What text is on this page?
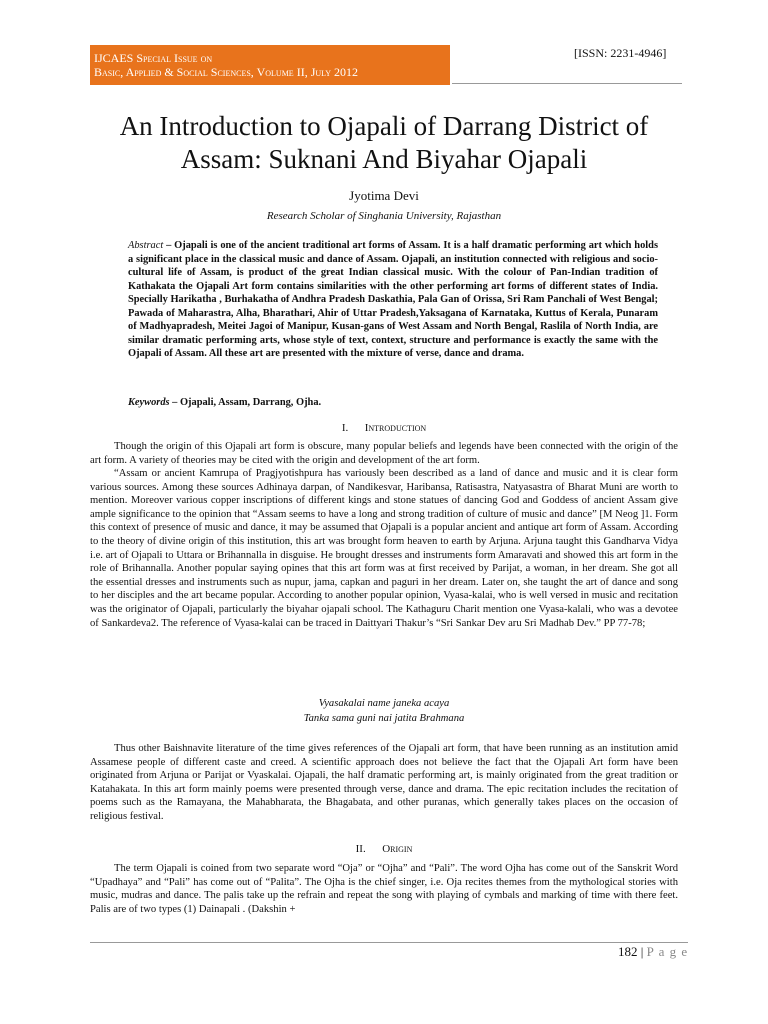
IJCAES Special Issue on
Basic, Applied & Social Sciences, Volume II, July 2012
[ISSN: 2231-4946]
An Introduction to Ojapali of Darrang District of Assam: Suknani And Biyahar Ojapali
Jyotima Devi
Research Scholar of Singhania University, Rajasthan

Abstract – Ojapali is one of the ancient traditional art forms of Assam. It is a half dramatic performing art which holds a significant place in the classical music and dance of Assam. Ojapali, an institution connected with religious and socio-cultural life of Assam, is product of the great Indian classical music. With the colour of Pan-Indian tradition of Kathakata the Ojapali Art form contains similarities with the other performing art forms of different states of India. Specially Harikatha , Burhakatha of Andhra Pradesh Daskathia, Pala Gan of Orissa, Sri Ram Panchali of West Bengal; Pawada of Maharastra, Alha, Bharathari, Ahir of Uttar Pradesh,Yaksagana of Karnataka, Kuttus of Kerala, Punaram of Madhyapradesh, Meitei Jagoi of Manipur, Kusan-gans of West Assam and North Bengal, Raslila of North India, are similar dramatic performing arts, whose style of text, context, structure and performance is exactly the same with the Ojapali of Assam. All these art are presented with the mixture of verse, dance and drama.

Keywords – Ojapali, Assam, Darrang, Ojha.

I.      Introduction

Though the origin of this Ojapali art form is obscure, many popular beliefs and legends have been connected with the origin of the art form. A variety of theories may be cited with the origin and development of the art form.

“Assam or ancient Kamrupa of Pragjyotishpura has variously been described as a land of dance and music and it is clear form various sources. Among these sources Adhinaya darpan, of Nandikesvar, Haribansa, Ratisastra, Natyasastra of Bharat Muni are worth to mention. Moreover various copper inscriptions of different kings and stone statues of dancing God and Goddess of ancient Assam give ample significance to the opinion that “Assam seems to have a long and strong tradition of culture of music and dance” [M Neog ]1. Form this context of presence of music and dance, it may be assumed that Ojapali is a popular ancient and antique art form of Assam. According to the theory of divine origin of this institution, this art was brought form heaven to earth by Arjuna. Arjuna taught this Gandharva Vidya i.e. art of Ojapali to Uttara or Brihannalla in disguise. He brought dresses and instruments form Amaravati and showed this art form in the role of Brihannalla. Another popular saying opines that this art form was at first received by Parijat, a woman, in her dream. She got all the essential dresses and instruments such as nupur, jama, capkan and paguri in her dream. Later on, she taught the art of dance and song to her disciples and the art became popular. According to another popular opinion, Vyasa-kalai, who is well versed in music and recitation was the originator of Ojapali, particularly the biyahar ojapali school. The Kathaguru Charit mention one Vyasa-kalali, who was a devotee of Sankardeva2. The reference of Vyasa-kalai can be traced in Daittyari Thakur’s “Sri Sankar Dev aru Sri Madhab Dev.” PP 77-78;

Vyasakalai name janeka acaya
Tanka sama guni nai jatita Brahmana

Thus other Baishnavite literature of the time gives references of the Ojapali art form, that have been running as an institution amid Assamese people of different caste and creed. A scientific approach does not believe the fact that the Ojapali Art form have been originated from Arjuna or Parijat or Vyaskalai. Ojapali, the half dramatic performing art, is mainly originated from the great tradition or Katahakata. In this art form mainly poems were presented through verse, dance and drama. The epic recitation includes the recitation of poems such as the Ramayana, the Mahabharata, the Bhagabata, and other puranas, which generally takes places on the occasion of religious festival.

II.      Origin

The term Ojapali is coined from two separate word “Oja” or “Ojha” and “Pali”. The word Ojha has come out of the Sanskrit Word “Upadhaya” and “Pali” has come out of “Palita”. The Ojha is the chief singer, i.e. Oja recites themes from the mythological stories with music, mudras and dance. The palis take up the refrain and repeat the song with playing of cymbals and marking of time with there feet. Palis are of two types (1) Dainapali . (Dakshin +

182 | P a g e
